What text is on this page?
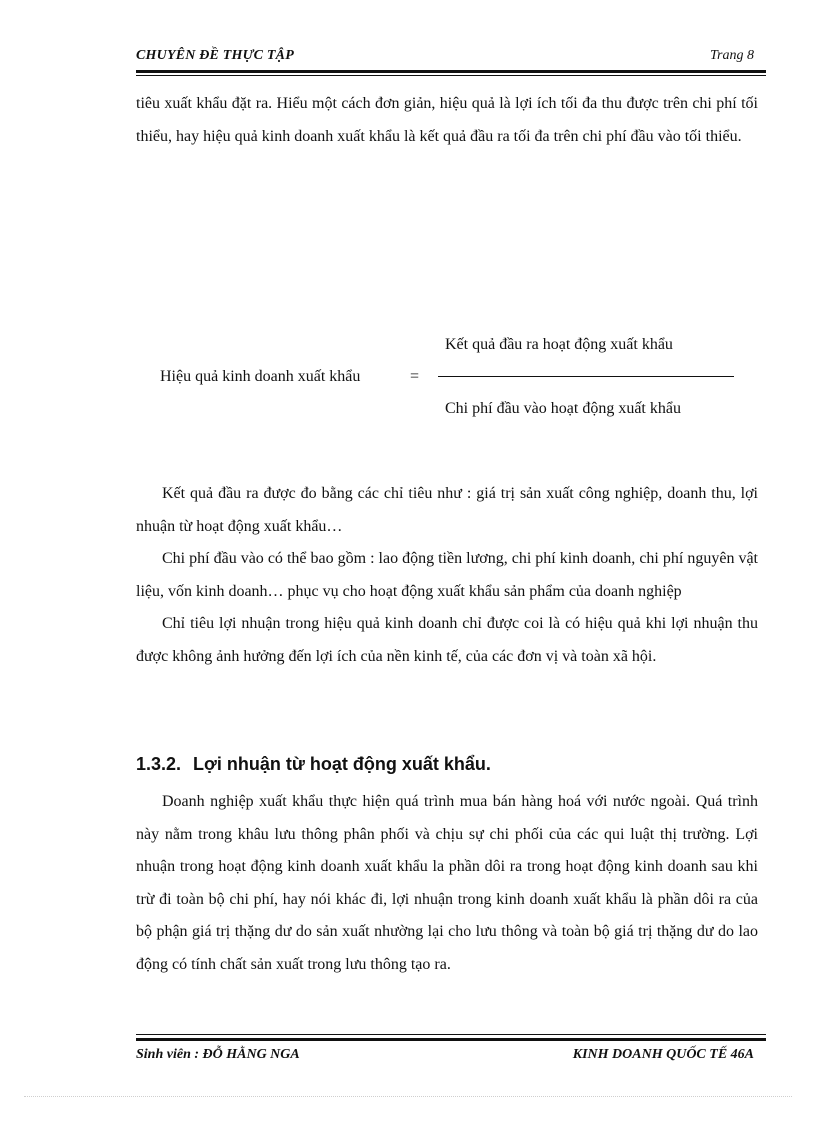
CHUYÊN ĐỀ THỰC TẬP	Trang 8

tiêu xuất khẩu đặt ra. Hiểu một cách đơn giản, hiệu quả là lợi ích tối đa thu được trên chi phí tối thiểu, hay hiệu quả kinh doanh xuất khẩu là kết quả đầu ra tối đa trên chi phí đầu vào tối thiểu.

Hiệu quả kinh doanh xuất khẩu	=
Kết quả đầu ra hoạt động xuất khẩu
Chi phí đầu vào hoạt động xuất khẩu

Kết quả đầu ra được đo bằng các chỉ tiêu như : giá trị sản xuất công nghiệp, doanh thu, lợi nhuận từ hoạt động xuất khẩu…

Chi phí đầu vào có thể bao gồm : lao động tiền lương, chi phí kinh doanh, chi phí nguyên vật liệu, vốn kinh doanh… phục vụ cho hoạt động xuất khẩu sản phẩm của doanh nghiệp

Chỉ tiêu lợi nhuận trong hiệu quả kinh doanh chỉ được coi là có hiệu quả khi lợi nhuận thu được không ảnh hưởng đến lợi ích của nền kinh tế, của các đơn vị và toàn xã hội.

1.3.2. Lợi nhuận từ hoạt động xuất khẩu.

Doanh nghiệp xuất khẩu thực hiện quá trình mua bán hàng hoá với nước ngoài. Quá trình này nằm trong khâu lưu thông phân phối và chịu sự chi phối của các qui luật thị trường. Lợi nhuận trong hoạt động kinh doanh xuất khẩu la phần dôi ra trong hoạt động kinh doanh sau khi trừ đi toàn bộ chi phí, hay nói khác đi, lợi nhuận trong kinh doanh xuất khẩu là phần dôi ra của bộ phận giá trị thặng dư do sản xuất nhường lại cho lưu thông và toàn bộ giá trị thặng dư do lao động có tính chất sản xuất trong lưu thông tạo ra.

Sinh viên : ĐỖ HẰNG NGA	KINH DOANH QUỐC TẾ 46A
